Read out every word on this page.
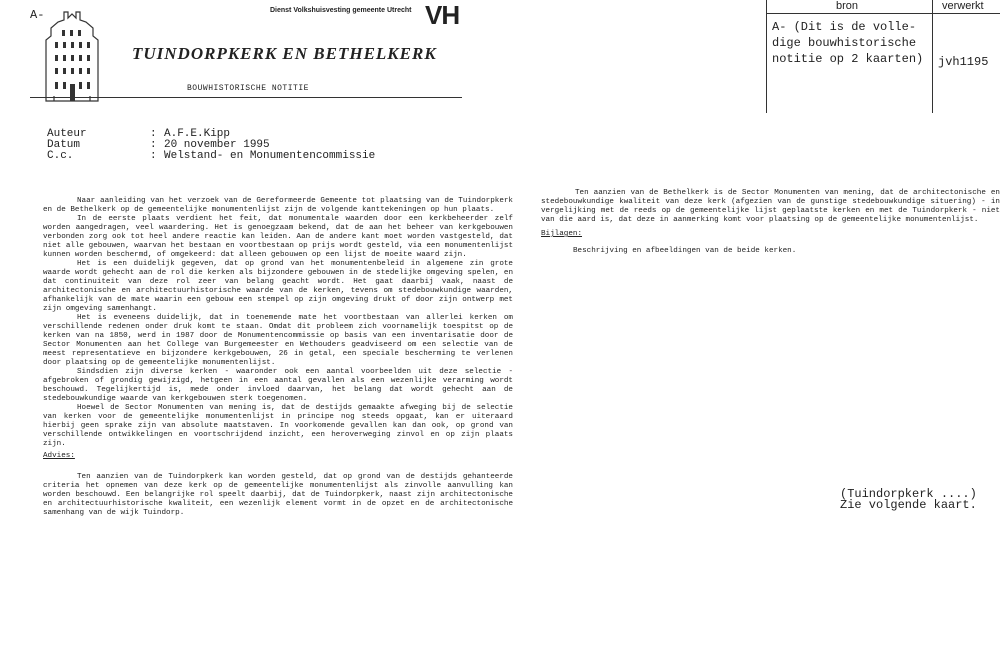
A-	Dienst Volkshuisvesting gemeente Utrecht VH
TUINDORPKERK EN BETHELKERK
BOUWHISTORISCHE NOTITIE
bron	verwerkt
A- (Dit is de volle-
dige bouwhistorische
notitie op 2 kaarten)	jvh1195
Auteur	: A.F.E.Kipp
Datum	: 20 november 1995
C.c.	: Welstand- en Monumentencommissie

Naar aanleiding van het verzoek van de Gereformeerde Gemeente tot plaatsing van de Tuindorpkerk en de Bethelkerk op de gemeentelijke monumentenlijst zijn de volgende kanttekeningen op hun plaats.

In de eerste plaats verdient het feit, dat monumentale waarden door een kerkbeheerder zelf worden aangedragen, veel waardering. Het is genoegzaam bekend, dat de aan het beheer van kerkgebouwen verbonden zorg ook tot heel andere reactie kan leiden. Aan de andere kant moet worden vastgesteld, dat niet alle gebouwen, waarvan het bestaan en voortbestaan op prijs wordt gesteld, via een monumentenlijst kunnen worden beschermd, of omgekeerd: dat alleen gebouwen op een lijst de moeite waard zijn.

Het is een duidelijk gegeven, dat op grond van het monumentenbeleid in algemene zin grote waarde wordt gehecht aan de rol die kerken als bijzondere gebouwen in de stedelijke omgeving spelen, en dat continuiteit van deze rol zeer van belang geacht wordt. Het gaat daarbij vaak, naast de architectonische en architectuurhistorische waarde van de kerken, tevens om stedebouwkundige waarden, afhankelijk van de mate waarin een gebouw een stempel op zijn omgeving drukt of door zijn ontwerp met zijn omgeving samenhangt.

Het is eveneens duidelijk, dat in toenemende mate het voortbestaan van allerlei kerken om verschillende redenen onder druk komt te staan. Omdat dit probleem zich voornamelijk toespitst op de kerken van na 1850, werd in 1987 door de Monumentencommissie op basis van een inventarisatie door de Sector Monumenten aan het College van Burgemeester en Wethouders geadviseerd om een selectie van de meest representatieve en bijzondere kerkgebouwen, 26 in getal, een speciale bescherming te verlenen door plaatsing op de gemeentelijke monumentenlijst.

Sindsdien zijn diverse kerken - waaronder ook een aantal voorbeelden uit deze selectie - afgebroken of grondig gewijzigd, hetgeen in een aantal gevallen als een wezenlijke verarming wordt beschouwd. Tegelijkertijd is, mede onder invloed daarvan, het belang dat wordt gehecht aan de stedebouwkundige waarde van kerkgebouwen sterk toegenomen.

Hoewel de Sector Monumenten van mening is, dat de destijds gemaakte afweging bij de selectie van kerken voor de gemeentelijke monumentenlijst in principe nog steeds opgaat, kan er uiteraard hierbij geen sprake zijn van absolute maatstaven. In voorkomende gevallen kan dan ook, op grond van verschillende ontwikkelingen en voortschrijdend inzicht, een heroverweging zinvol en op zijn plaats zijn.

Advies:

Ten aanzien van de Tuindorpkerk kan worden gesteld, dat op grond van de destijds gehanteerde criteria het opnemen van deze kerk op de gemeentelijke monumentenlijst als zinvolle aanvulling kan worden beschouwd. Een belangrijke rol speelt daarbij, dat de Tuindorpkerk, naast zijn architectonische en architectuurhistorische kwaliteit, een wezenlijk element vormt in de opzet en de architectonische samenhang van de wijk Tuindorp.

Ten aanzien van de Bethelkerk is de Sector Monumenten van mening, dat de architectonische en stedebouwkundige kwaliteit van deze kerk (afgezien van de gunstige stedebouwkundige situering) - in vergelijking met de reeds op de gemeentelijke lijst geplaatste kerken en met de Tuindorpkerk - niet van die aard is, dat deze in aanmerking komt voor plaatsing op de gemeentelijke monumentenlijst.

Bijlagen:

Beschrijving en afbeeldingen van de beide kerken.

(Tuindorpkerk ....)
Zie volgende kaart.
